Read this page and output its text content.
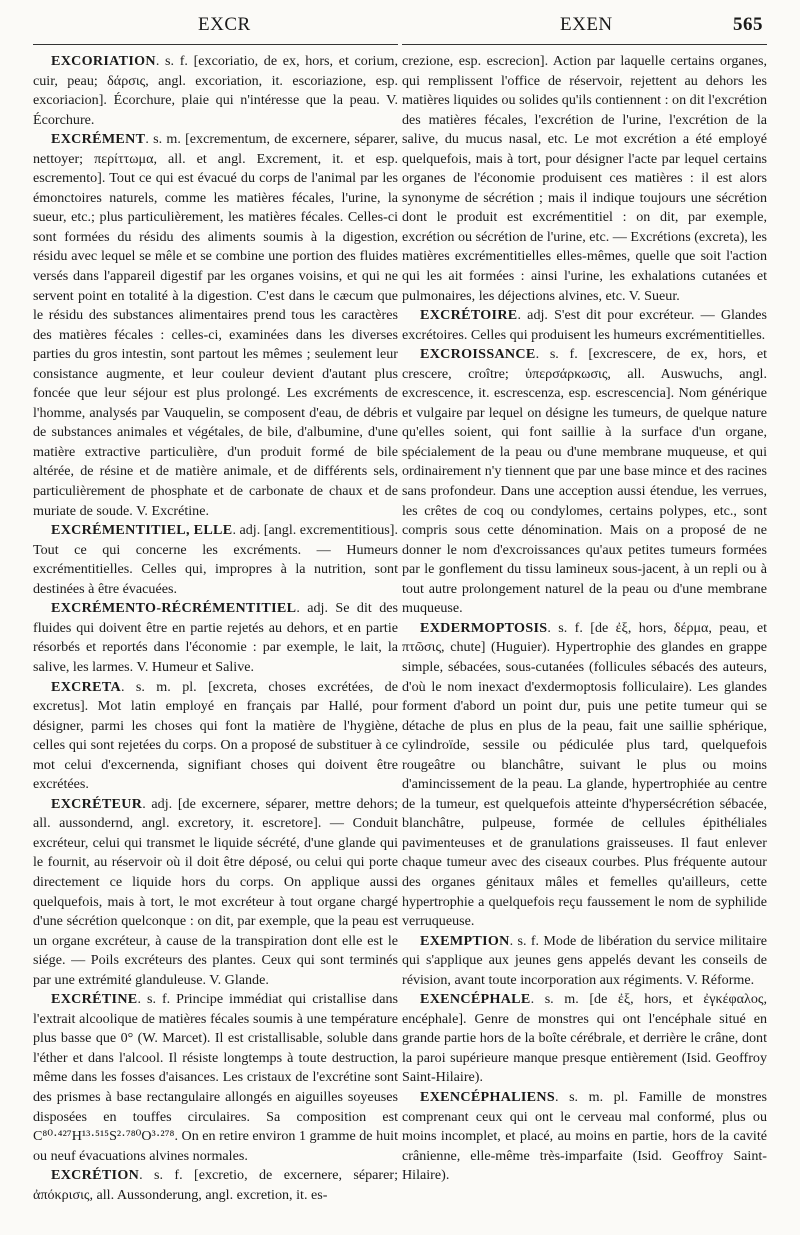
EXCR	EXEN	565

EXCORIATION. s. f. [excoriatio, de ex, hors, et corium, cuir, peau; δάρσις, angl. excoriation, it. escoriazione, esp. excoriacion]. Écorchure, plaie qui n'intéresse que la peau. V. Écorchure.

EXCRÉMENT. s. m. [excrementum, de excernere, séparer, nettoyer; περίττωμα, all. et angl. Excrement, it. et esp. escremento]. Tout ce qui est évacué du corps de l'animal par les émonctoires naturels, comme les matières fécales, l'urine, la sueur, etc.; plus particulièrement, les matières fécales. Celles-ci sont formées du résidu des aliments soumis à la digestion, résidu avec lequel se mêle et se combine une portion des fluides versés dans l'appareil digestif par les organes voisins, et qui ne servent point en totalité à la digestion. C'est dans le cæcum que le résidu des substances alimentaires prend tous les caractères des matières fécales : celles-ci, examinées dans les diverses parties du gros intestin, sont partout les mêmes ; seulement leur consistance augmente, et leur couleur devient d'autant plus foncée que leur séjour est plus prolongé. Les excréments de l'homme, analysés par Vauquelin, se composent d'eau, de débris de substances animales et végétales, de bile, d'albumine, d'une matière extractive particulière, d'un produit formé de bile altérée, de résine et de matière animale, et de différents sels, particulièrement de phosphate et de carbonate de chaux et de muriate de soude. V. Excrétine.

EXCRÉMENTITIEL, ELLE. adj. [angl. excrementitious]. Tout ce qui concerne les excréments. — Humeurs excrémentitielles. Celles qui, impropres à la nutrition, sont destinées à être évacuées.

EXCRÉMENTO-RÉCRÉMENTITIEL. adj. Se dit des fluides qui doivent être en partie rejetés au dehors, et en partie résorbés et reportés dans l'économie : par exemple, le lait, la salive, les larmes. V. Humeur et Salive.

EXCRETA. s. m. pl. [excreta, choses excrétées, de excretus]. Mot latin employé en français par Hallé, pour désigner, parmi les choses qui font la matière de l'hygiène, celles qui sont rejetées du corps. On a proposé de substituer à ce mot celui d'excernenda, signifiant choses qui doivent être excrétées.

EXCRÉTEUR. adj. [de excernere, séparer, mettre dehors; all. aussondernd, angl. excretory, it. escretore]. — Conduit excréteur, celui qui transmet le liquide sécrété, d'une glande qui le fournit, au réservoir où il doit être déposé, ou celui qui porte directement ce liquide hors du corps. On applique aussi quelquefois, mais à tort, le mot excréteur à tout organe chargé d'une sécrétion quelconque : on dit, par exemple, que la peau est un organe excréteur, à cause de la transpiration dont elle est le siége. — Poils excréteurs des plantes. Ceux qui sont terminés par une extrémité glanduleuse. V. Glande.

EXCRÉTINE. s. f. Principe immédiat qui cristallise dans l'extrait alcoolique de matières fécales soumis à une température plus basse que 0° (W. Marcet). Il est cristallisable, soluble dans l'éther et dans l'alcool. Il résiste longtemps à toute destruction, même dans les fosses d'aisances. Les cristaux de l'excrétine sont des prismes à base rectangulaire allongés en aiguilles soyeuses disposées en touffes circulaires. Sa composition est C⁸⁰·⁴²⁷H¹³·⁵¹⁵S²·⁷⁸⁰O³·²⁷⁸. On en retire environ 1 gramme de huit ou neuf évacuations alvines normales.

EXCRÉTION. s. f. [excretio, de excernere, séparer; ἀπόκρισις, all. Aussonderung, angl. excretion, it. es-

crezione, esp. escrecion]. Action par laquelle certains organes, qui remplissent l'office de réservoir, rejettent au dehors les matières liquides ou solides qu'ils contiennent : on dit l'excrétion des matières fécales, l'excrétion de l'urine, l'excrétion de la salive, du mucus nasal, etc. Le mot excrétion a été employé quelquefois, mais à tort, pour désigner l'acte par lequel certains organes de l'économie produisent ces matières : il est alors synonyme de sécrétion ; mais il indique toujours une sécrétion dont le produit est excrémentitiel : on dit, par exemple, excrétion ou sécrétion de l'urine, etc. — Excrétions (excreta), les matières excrémentitielles elles-mêmes, quelle que soit l'action qui les ait formées : ainsi l'urine, les exhalations cutanées et pulmonaires, les déjections alvines, etc. V. Sueur.

EXCRÉTOIRE. adj. S'est dit pour excréteur. — Glandes excrétoires. Celles qui produisent les humeurs excrémentitielles.

EXCROISSANCE. s. f. [excrescere, de ex, hors, et crescere, croître; ὑπερσάρκωσις, all. Auswuchs, angl. excrescence, it. escrescenza, esp. escrescencia]. Nom générique et vulgaire par lequel on désigne les tumeurs, de quelque nature qu'elles soient, qui font saillie à la surface d'un organe, spécialement de la peau ou d'une membrane muqueuse, et qui ordinairement n'y tiennent que par une base mince et des racines sans profondeur. Dans une acception aussi étendue, les verrues, les crêtes de coq ou condylomes, certains polypes, etc., sont compris sous cette dénomination. Mais on a proposé de ne donner le nom d'excroissances qu'aux petites tumeurs formées par le gonflement du tissu lamineux sous-jacent, à un repli ou à tout autre prolongement naturel de la peau ou d'une membrane muqueuse.

EXDERMOPTOSIS. s. f. [de ἐξ, hors, δέρμα, peau, et πτῶσις, chute] (Huguier). Hypertrophie des glandes en grappe simple, sébacées, sous-cutanées (follicules sébacés des auteurs, d'où le nom inexact d'exdermoptosis folliculaire). Les glandes forment d'abord un point dur, puis une petite tumeur qui se détache de plus en plus de la peau, fait une saillie sphérique, cylindroïde, sessile ou pédiculée plus tard, quelquefois rougeâtre ou blanchâtre, suivant le plus ou moins d'amincissement de la peau. La glande, hypertrophiée au centre de la tumeur, est quelquefois atteinte d'hypersécrétion sébacée, blanchâtre, pulpeuse, formée de cellules épithéliales pavimenteuses et de granulations graisseuses. Il faut enlever chaque tumeur avec des ciseaux courbes. Plus fréquente autour des organes génitaux mâles et femelles qu'ailleurs, cette hypertrophie a quelquefois reçu faussement le nom de syphilide verruqueuse.

EXEMPTION. s. f. Mode de libération du service militaire qui s'applique aux jeunes gens appelés devant les conseils de révision, avant toute incorporation aux régiments. V. Réforme.

EXENCÉPHALE. s. m. [de ἐξ, hors, et ἐγκέφαλος, encéphale]. Genre de monstres qui ont l'encéphale situé en grande partie hors de la boîte cérébrale, et derrière le crâne, dont la paroi supérieure manque presque entièrement (Isid. Geoffroy Saint-Hilaire).

EXENCÉPHALIENS. s. m. pl. Famille de monstres comprenant ceux qui ont le cerveau mal conformé, plus ou moins incomplet, et placé, au moins en partie, hors de la cavité crânienne, elle-même très-imparfaite (Isid. Geoffroy Saint-Hilaire).
